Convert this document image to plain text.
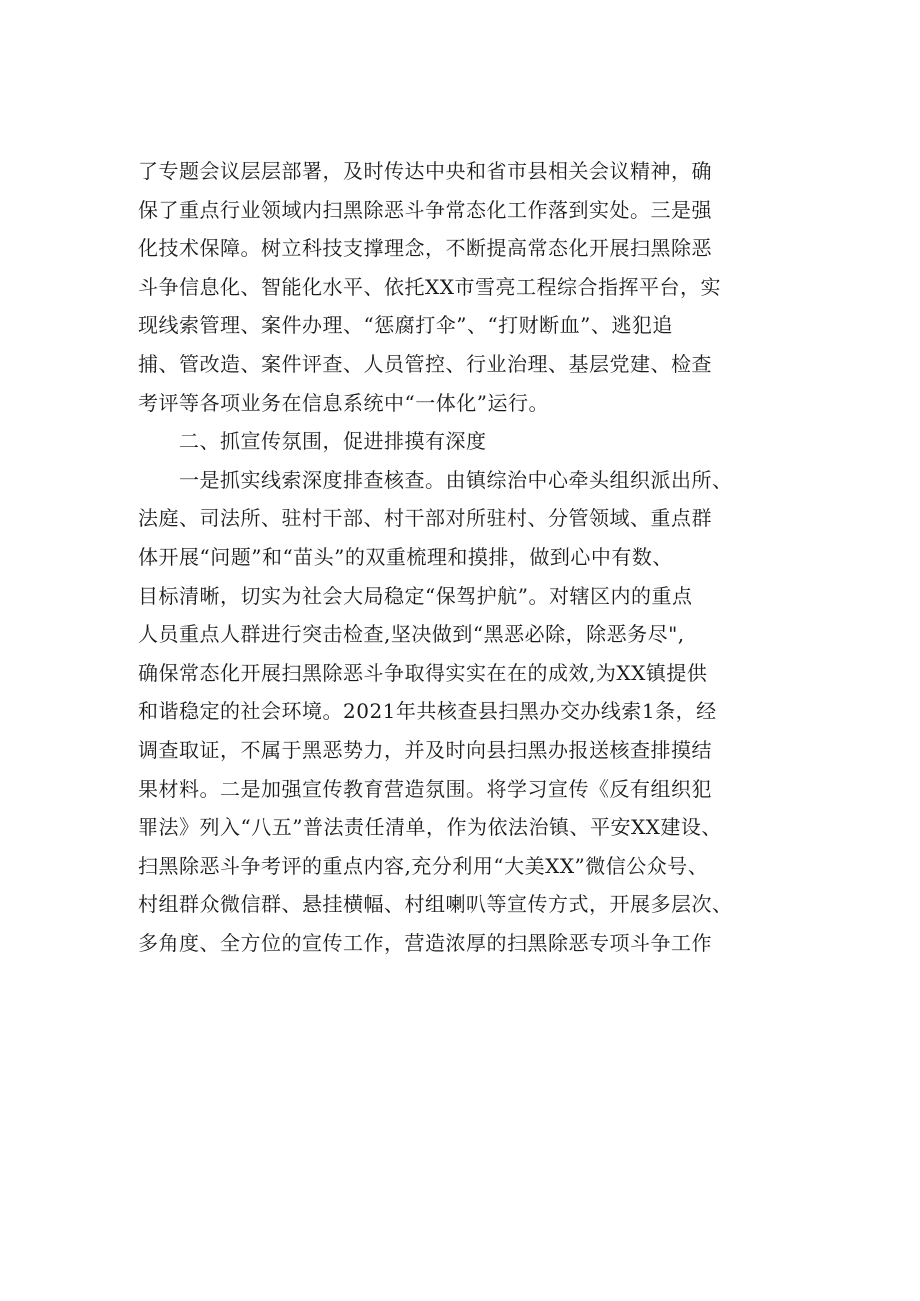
了专题会议层层部署，及时传达中央和省市县相关会议精神，确
保了重点行业领域内扫黑除恶斗争常态化工作落到实处。三是强
化技术保障。树立科技支撑理念，不断提高常态化开展扫黑除恶
斗争信息化、智能化水平、依托XX市雪亮工程综合指挥平台，实
现线索管理、案件办理、“惩腐打伞”、“打财断血”、逃犯追
捕、管改造、案件评查、人员管控、行业治理、基层党建、检查
考评等各项业务在信息系统中“一体化”运行。
　　二、抓宣传氛围，促进排摸有深度
　　一是抓实线索深度排查核查。由镇综治中心牵头组织派出所、
法庭、司法所、驻村干部、村干部对所驻村、分管领域、重点群
体开展“问题”和“苗头”的双重梳理和摸排，做到心中有数、
目标清晰，切实为社会大局稳定“保驾护航”。对辖区内的重点
人员重点人群进行突击检查,坚决做到“黑恶必除，除恶务尽",
确保常态化开展扫黑除恶斗争取得实实在在的成效,为XX镇提供
和谐稳定的社会环境。2021年共核查县扫黑办交办线索1条，经
调查取证，不属于黑恶势力，并及时向县扫黑办报送核查排摸结
果材料。二是加强宣传教育营造氛围。将学习宣传《反有组织犯
罪法》列入“八五”普法责任清单，作为依法治镇、平安XX建设、
扫黑除恶斗争考评的重点内容,充分利用“大美XX”微信公众号、
村组群众微信群、悬挂横幅、村组喇叭等宣传方式，开展多层次、
多角度、全方位的宣传工作，营造浓厚的扫黑除恶专项斗争工作
